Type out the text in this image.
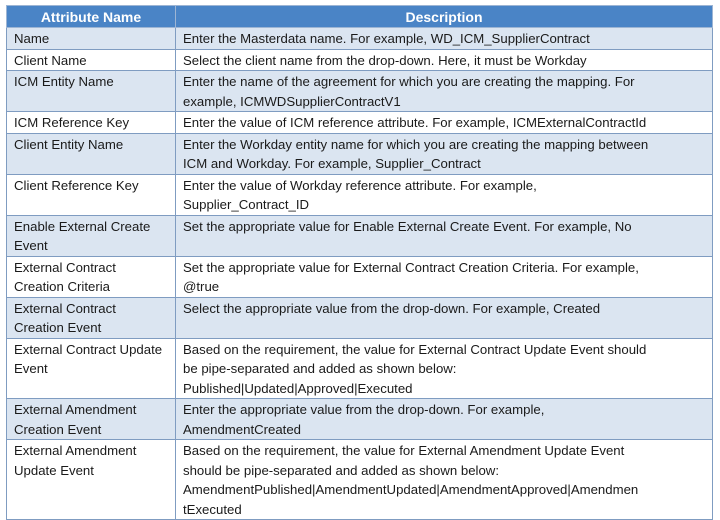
Attribute Name	Description
Name	Enter the Masterdata name. For example, WD_ICM_SupplierContract

Client Name	Select the client name from the drop-down. Here, it must be Workday

ICM Entity Name	Enter the name of the agreement for which you are creating the mapping. For
example, ICMWDSupplierContractV1

ICM Reference Key	Enter the value of ICM reference attribute. For example, ICMExternalContractId

Client Entity Name	Enter the Workday entity name for which you are creating the mapping between
ICM and Workday. For example, Supplier_Contract

Client Reference Key	Enter the value of Workday reference attribute. For example,
Supplier_Contract_ID

Enable External Create Event	Set the appropriate value for Enable External Create Event. For example, No

External Contract Creation Criteria	Set the appropriate value for External Contract Creation Criteria. For example,
@true

External Contract Creation Event	Select the appropriate value from the drop-down. For example, Created

External Contract Update Event	Based on the requirement, the value for External Contract Update Event should
be pipe-separated and added as shown below:
Published|Updated|Approved|Executed

External Amendment Creation Event	Enter the appropriate value from the drop-down. For example,
AmendmentCreated

External Amendment Update Event	Based on the requirement, the value for External Amendment Update Event
should be pipe-separated and added as shown below:
AmendmentPublished|AmendmentUpdated|AmendmentApproved|Amendmen
tExecuted
